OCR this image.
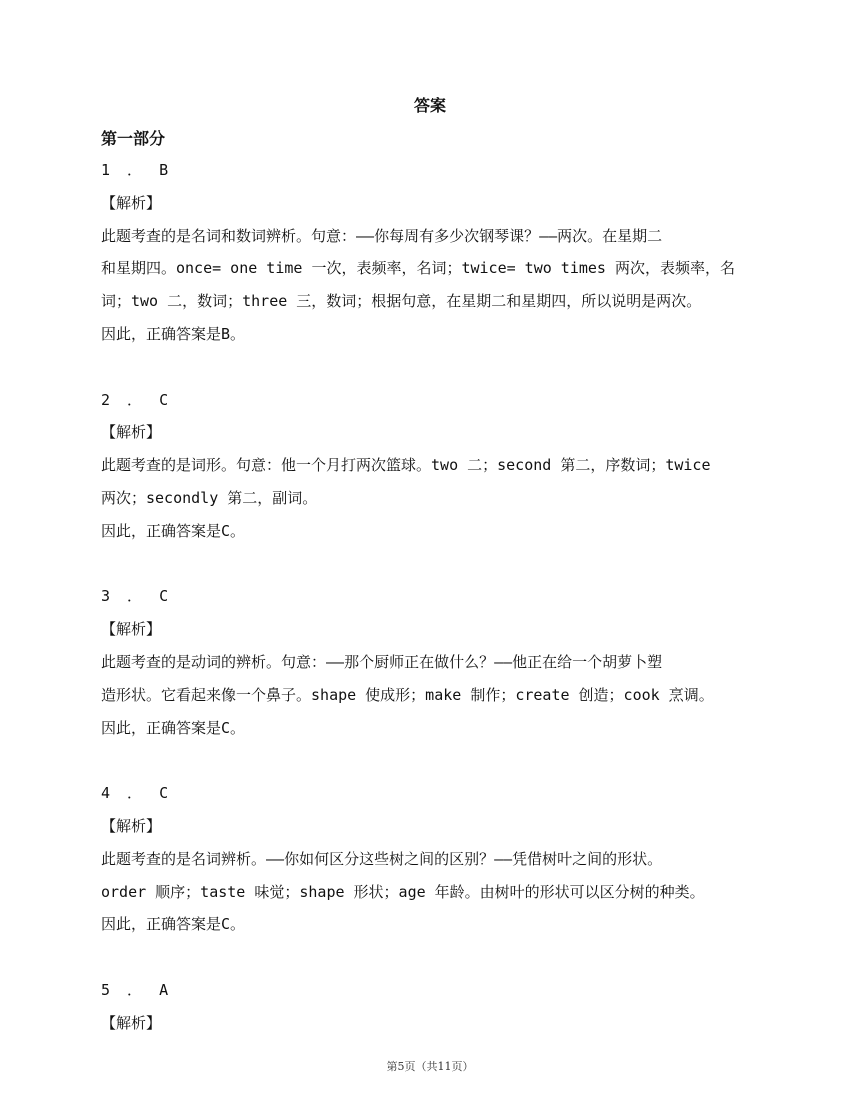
答案
第一部分
1 ． B
【解析】
此题考查的是名词和数词辨析。句意：——你每周有多少次钢琴课？——两次。在星期二
和星期四。once= one time 一次，表频率，名词；twice= two times 两次，表频率，名
词；two 二，数词；three 三，数词；根据句意，在星期二和星期四，所以说明是两次。
因此，正确答案是B。
2 ． C
【解析】
此题考查的是词形。句意：他一个月打两次篮球。two 二；second 第二，序数词；twice
两次；secondly 第二，副词。
因此，正确答案是C。
3 ． C
【解析】
此题考查的是动词的辨析。句意：——那个厨师正在做什么？——他正在给一个胡萝卜塑
造形状。它看起来像一个鼻子。shape 使成形；make 制作；create 创造；cook 烹调。
因此，正确答案是C。
4 ． C
【解析】
此题考查的是名词辨析。——你如何区分这些树之间的区别？——凭借树叶之间的形状。
order 顺序；taste 味觉；shape 形状；age 年龄。由树叶的形状可以区分树的种类。
因此，正确答案是C。
5 ． A
【解析】
第5页（共11页）
